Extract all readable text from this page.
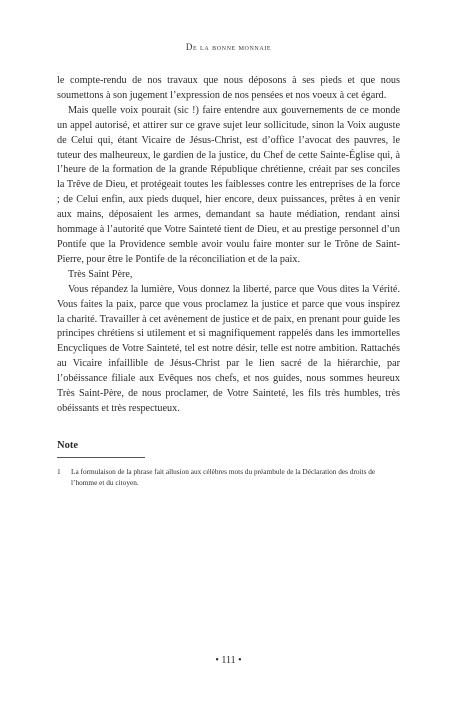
De la bonne monnaie

le compte-rendu de nos travaux que nous déposons à ses pieds et que nous soumettons à son jugement l’expression de nos pensées et nos voeux à cet égard.

Mais quelle voix pourait (sic !) faire entendre aux gouvernements de ce monde un appel autorisé, et attirer sur ce grave sujet leur sollicitude, sinon la Voix auguste de Celui qui, étant Vicaire de Jésus-Christ, est d’office l’avocat des pauvres, le tuteur des malheureux, le gardien de la justice, du Chef de cette Sainte-Église qui, à l’heure de la formation de la grande République chrétienne, créait par ses conciles la Trêve de Dieu, et protégeait toutes les faiblesses contre les entreprises de la force ; de Celui enfin, aux pieds duquel, hier encore, deux puissances, prêtes à en venir aux mains, déposaient les armes, demandant sa haute médiation, rendant ainsi hommage à l’autorité que Votre Sainteté tient de Dieu, et au prestige personnel d’un Pontife que la Providence semble avoir voulu faire monter sur le Trône de Saint-Pierre, pour être le Pontife de la réconciliation et de la paix.

Très Saint Père,

Vous répandez la lumière, Vous donnez la liberté, parce que Vous dites la Vérité. Vous faites la paix, parce que vous proclamez la justice et parce que vous inspirez la charité. Travailler à cet avènement de justice et de paix, en prenant pour guide les principes chrétiens si utilement et si magnifiquement rappelés dans les immortelles Encycliques de Votre Sainteté, tel est notre désir, telle est notre ambition. Rattachés au Vicaire infaillible de Jésus-Christ par le lien sacré de la hiérarchie, par l’obéissance filiale aux Evêques nos chefs, et nos guides, nous sommes heureux Très Saint-Père, de nous proclamer, de Votre Sainteté, les fils très humbles, très obéissants et très respectueux.

Note
1	La formulaison de la phrase fait allusion aux célèbres mots du préambule de la Déclaration des droits de l’homme et du citoyen.
• 111 •
